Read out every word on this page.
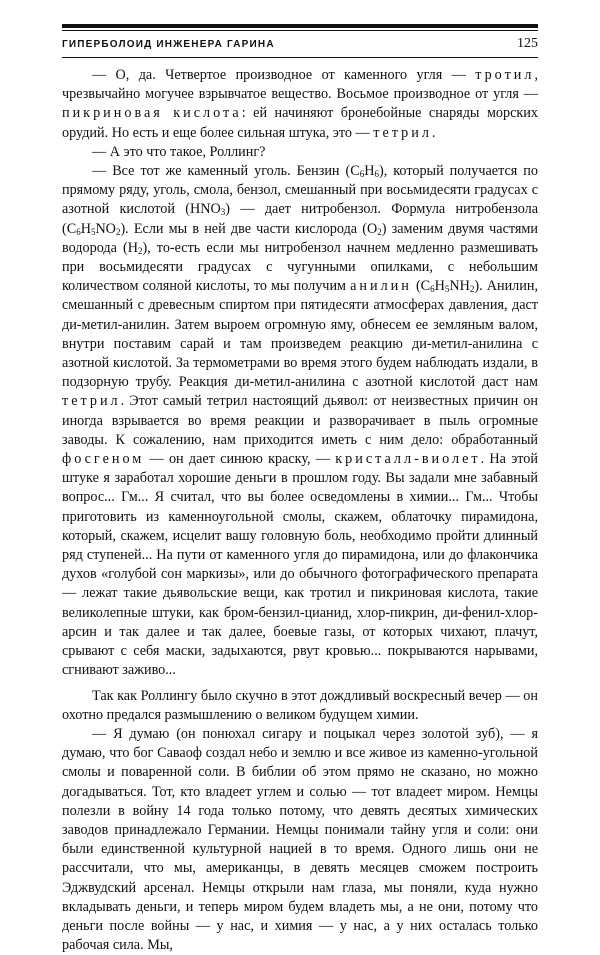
ГИПЕРБОЛОИД ИНЖЕНЕРА ГАРИНА	125

— О, да. Четвертое производное от каменного угля — тротил, чрезвычайно могучее взрывчатое вещество. Восьмое производное от угля — пикриновая кислота: ей начиняют бронебойные снаряды морских орудий. Но есть и еще более сильная штука, это — тетрил.

— А это что такое, Роллинг?

— Все тот же каменный уголь. Бензин $(C_6H_6)$, который получается по прямому ряду, уголь, смола, бензол, смешанный при восьмидесяти градусах с азотной кислотой $(HNO_3)$ — дает нитробензол. Формула нитробензола $(C_6H_5NO_2)$. Если мы в ней две части кислорода $(O_2)$ заменим двумя частями водорода $(H_2)$, то-есть если мы нитробензол начнем медленно размешивать при восьмидесяти градусах с чугунными опилками, с небольшим количеством соляной кислоты, то мы получим анилин $(C_6H_5NH_2)$. Анилин, смешанный с древесным спиртом при пятидесяти атмосферах давления, даст ди-метил-анилин. Затем выроем огромную яму, обнесем ее земляным валом, внутри поставим сарай и там произведем реакцию ди-метил-анилина с азотной кислотой. За термометрами во время этого будем наблюдать издали, в подзорную трубу. Реакция ди-метил-анилина с азотной кислотой даст нам тетрил. Этот самый тетрил настоящий дьявол: от неизвестных причин он иногда взрывается во время реакции и разворачивает в пыль огромные заводы. К сожалению, нам приходится иметь с ним дело: обработанный фосгеном — он дает синюю краску, — кристалл-виолет. На этой штуке я заработал хорошие деньги в прошлом году. Вы задали мне забавный вопрос... Гм... Я считал, что вы более осведомлены в химии... Гм... Чтобы приготовить из каменноугольной смолы, скажем, облаточку пирамидона, который, скажем, исцелит вашу головную боль, необходимо пройти длинный ряд ступеней... На пути от каменного угля до пирамидона, или до флакончика духов «голубой сон маркизы», или до обычного фотографического препарата — лежат такие дьявольские вещи, как тротил и пикриновая кислота, такие великолепные штуки, как бром-бензил-цианид, хлор-пикрин, ди-фенил-хлор-арсин и так далее и так далее, боевые газы, от которых чихают, плачут, срывают с себя маски, задыхаются, рвут кровью... покрываются нарывами, сгнивают заживо...

Так как Роллингу было скучно в этот дождливый воскресный вечер — он охотно предался размышлению о великом будущем химии.

— Я думаю (он понюхал сигару и поцыкал через золотой зуб), — я думаю, что бог Саваоф создал небо и землю и все живое из каменно-угольной смолы и поваренной соли. В библии об этом прямо не сказано, но можно догадываться. Тот, кто владеет углем и солью — тот владеет миром. Немцы полезли в войну 14 года только потому, что девять десятых химических заводов принадлежало Германии. Немцы понимали тайну угля и соли: они были единственной культурной нацией в то время. Одного лишь они не рассчитали, что мы, американцы, в девять месяцев сможем построить Эджвудский арсенал. Немцы открыли нам глаза, мы поняли, куда нужно вкладывать деньги, и теперь миром будем владеть мы, а не они, потому что деньги после войны — у нас, и химия — у нас, а у них осталась только рабочая сила. Мы,
